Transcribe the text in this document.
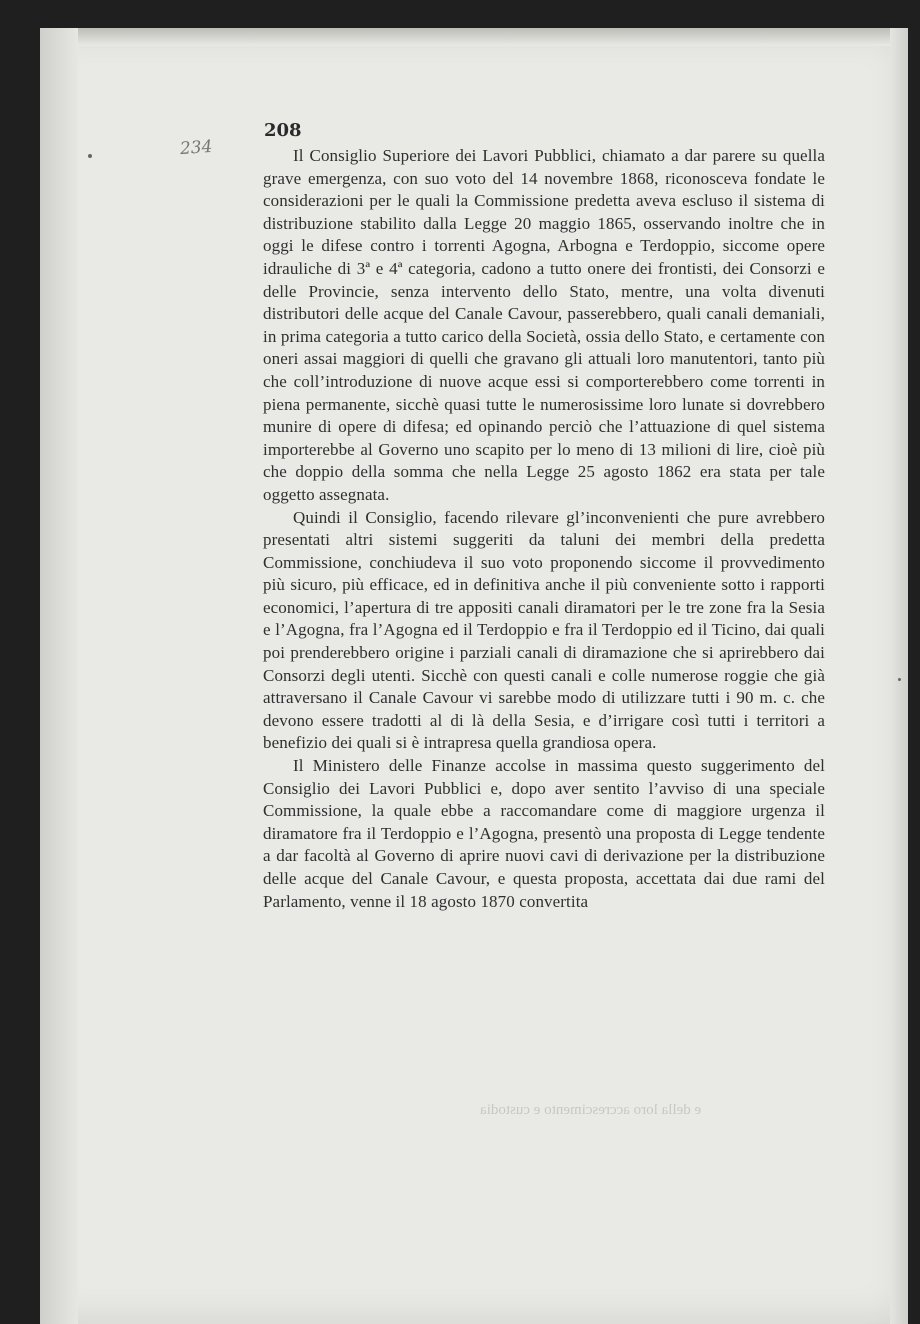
234
208

Il Consiglio Superiore dei Lavori Pubblici, chiamato a dar parere su quella grave emergenza, con suo voto del 14 novembre 1868, riconosceva fondate le considerazioni per le quali la Commissione predetta aveva escluso il sistema di distribuzione stabilito dalla Legge 20 maggio 1865, osservando inoltre che in oggi le difese contro i torrenti Agogna, Arbogna e Terdoppio, siccome opere idrauliche di 3ª e 4ª categoria, cadono a tutto onere dei frontisti, dei Consorzi e delle Provincie, senza intervento dello Stato, mentre, una volta divenuti distributori delle acque del Canale Cavour, passerebbero, quali canali demaniali, in prima categoria a tutto carico della Società, ossia dello Stato, e certamente con oneri assai maggiori di quelli che gravano gli attuali loro manutentori, tanto più che coll’introduzione di nuove acque essi si comporterebbero come torrenti in piena permanente, sicchè quasi tutte le numerosissime loro lunate si dovrebbero munire di opere di difesa; ed opinando perciò che l’attuazione di quel sistema importerebbe al Governo uno scapito per lo meno di 13 milioni di lire, cioè più che doppio della somma che nella Legge 25 agosto 1862 era stata per tale oggetto assegnata.

Quindi il Consiglio, facendo rilevare gl’inconvenienti che pure avrebbero presentati altri sistemi suggeriti da taluni dei membri della predetta Commissione, conchiudeva il suo voto proponendo siccome il provvedimento più sicuro, più efficace, ed in definitiva anche il più conveniente sotto i rapporti economici, l’apertura di tre appositi canali diramatori per le tre zone fra la Sesia e l’Agogna, fra l’Agogna ed il Terdoppio e fra il Terdoppio ed il Ticino, dai quali poi prenderebbero origine i parziali canali di diramazione che si aprirebbero dai Consorzi degli utenti. Sicchè con questi canali e colle numerose roggie che già attraversano il Canale Cavour vi sarebbe modo di utilizzare tutti i 90 m. c. che devono essere tradotti al di là della Sesia, e d’irrigare così tutti i territori a benefizio dei quali si è intrapresa quella grandiosa opera.

Il Ministero delle Finanze accolse in massima questo suggerimento del Consiglio dei Lavori Pubblici e, dopo aver sentito l’avviso di una speciale Commissione, la quale ebbe a raccomandare come di maggiore urgenza il diramatore fra il Terdoppio e l’Agogna, presentò una proposta di Legge tendente a dar facoltà al Governo di aprire nuovi cavi di derivazione per la distribuzione delle acque del Canale Cavour, e questa proposta, accettata dai due rami del Parlamento, venne il 18 agosto 1870 convertita

e della loro accrescimento e custodia
